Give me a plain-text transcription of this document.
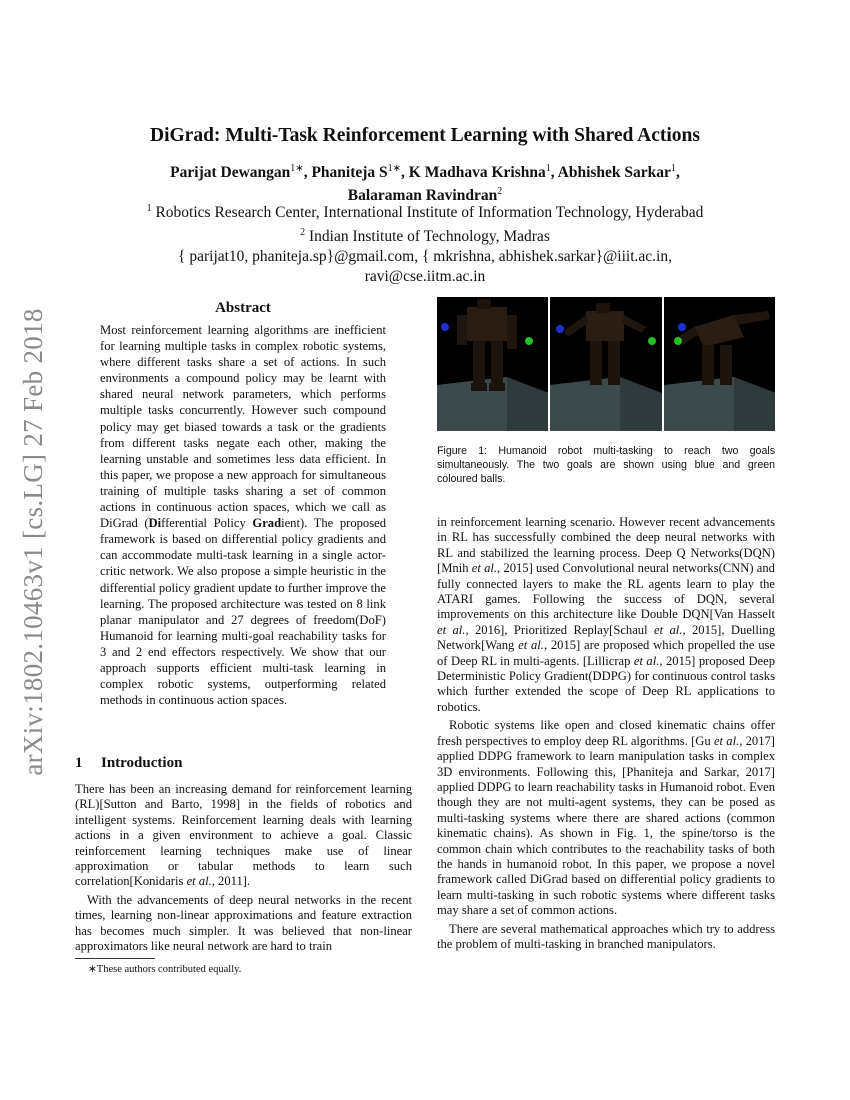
arXiv:1802.10463v1 [cs.LG] 27 Feb 2018
DiGrad: Multi-Task Reinforcement Learning with Shared Actions
Parijat Dewangan$^{1∗}$, Phaniteja $S^{1∗}$, K Madhava Krishna$^1$, Abhishek Sarkar$^1$,
Balaraman Ravindran$^2$
$^1$ Robotics Research Center, International Institute of Information Technology, Hyderabad
$^2$ Indian Institute of Technology, Madras
{ parijat10, phaniteja.sp}@gmail.com, { mkrishna, abhishek.sarkar}@iiit.ac.in,
ravi@cse.iitm.ac.in
Abstract
Most reinforcement learning algorithms are inefficient for learning multiple tasks in complex robotic systems, where different tasks share a set of actions. In such environments a compound policy may be learnt with shared neural network parameters, which performs multiple tasks concurrently. However such compound policy may get biased towards a task or the gradients from different tasks negate each other, making the learning unstable and sometimes less data efficient. In this paper, we propose a new approach for simultaneous training of multiple tasks sharing a set of common actions in continuous action spaces, which we call as DiGrad (Differential Policy Gradient). The proposed framework is based on differential policy gradients and can accommodate multi-task learning in a single actor-critic network. We also propose a simple heuristic in the differential policy gradient update to further improve the learning. The proposed architecture was tested on 8 link planar manipulator and 27 degrees of freedom(DoF) Humanoid for learning multi-goal reachability tasks for 3 and 2 end effectors respectively. We show that our approach supports efficient multi-task learning in complex robotic systems, outperforming related methods in continuous action spaces.
1 Introduction

There has been an increasing demand for reinforcement learning (RL)[Sutton and Barto, 1998] in the fields of robotics and intelligent systems. Reinforcement learning deals with learning actions in a given environment to achieve a goal. Classic reinforcement learning techniques make use of linear approximation or tabular methods to learn such correlation[Konidaris et al., 2011].

With the advancements of deep neural networks in the recent times, learning non-linear approximations and feature extraction has becomes much simpler. It was believed that non-linear approximators like neural network are hard to train

∗These authors contributed equally.
Figure 1: Humanoid robot multi-tasking to reach two goals simultaneously. The two goals are shown using blue and green coloured balls.

in reinforcement learning scenario. However recent advancements in RL has successfully combined the deep neural networks with RL and stabilized the learning process. Deep Q Networks(DQN) [Mnih et al., 2015] used Convolutional neural networks(CNN) and fully connected layers to make the RL agents learn to play the ATARI games. Following the success of DQN, several improvements on this architecture like Double DQN[Van Hasselt et al., 2016], Prioritized Replay[Schaul et al., 2015], Duelling Network[Wang et al., 2015] are proposed which propelled the use of Deep RL in multi-agents. [Lillicrap et al., 2015] proposed Deep Deterministic Policy Gradient(DDPG) for continuous control tasks which further extended the scope of Deep RL applications to robotics.

Robotic systems like open and closed kinematic chains offer fresh perspectives to employ deep RL algorithms. [Gu et al., 2017] applied DDPG framework to learn manipulation tasks in complex 3D environments. Following this, [Phaniteja and Sarkar, 2017] applied DDPG to learn reachability tasks in Humanoid robot. Even though they are not multi-agent systems, they can be posed as multi-tasking systems where there are shared actions (common kinematic chains). As shown in Fig. 1, the spine/torso is the common chain which contributes to the reachability tasks of both the hands in humanoid robot. In this paper, we propose a novel framework called DiGrad based on differential policy gradients to learn multi-tasking in such robotic systems where different tasks may share a set of common actions.

There are several mathematical approaches which try to address the problem of multi-tasking in branched manipulators.
